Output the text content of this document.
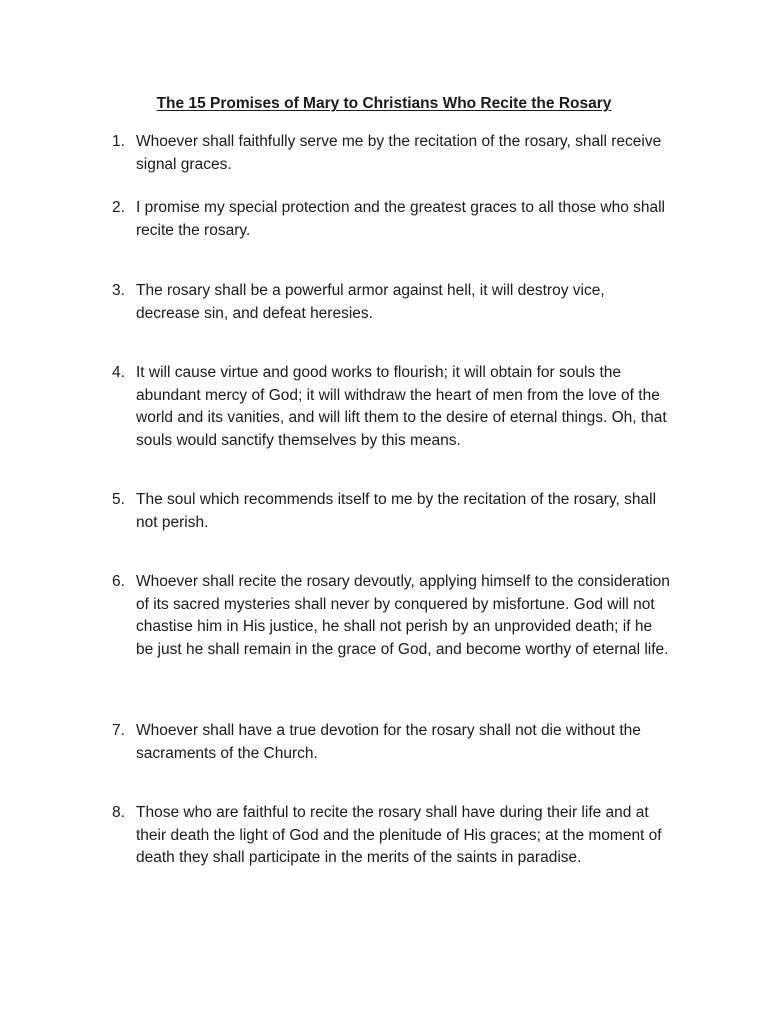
The 15 Promises of Mary to Christians Who Recite the Rosary
1. Whoever shall faithfully serve me by the recitation of the rosary, shall receive signal graces.
2. I promise my special protection and the greatest graces to all those who shall recite the rosary.
3. The rosary shall be a powerful armor against hell, it will destroy vice, decrease sin, and defeat heresies.
4. It will cause virtue and good works to flourish; it will obtain for souls the abundant mercy of God; it will withdraw the heart of men from the love of the world and its vanities, and will lift them to the desire of eternal things. Oh, that souls would sanctify themselves by this means.
5. The soul which recommends itself to me by the recitation of the rosary, shall not perish.
6. Whoever shall recite the rosary devoutly, applying himself to the consideration of its sacred mysteries shall never by conquered by misfortune. God will not chastise him in His justice, he shall not perish by an unprovided death; if he be just he shall remain in the grace of God, and become worthy of eternal life.
7. Whoever shall have a true devotion for the rosary shall not die without the sacraments of the Church.
8. Those who are faithful to recite the rosary shall have during their life and at their death the light of God and the plenitude of His graces; at the moment of death they shall participate in the merits of the saints in paradise.
